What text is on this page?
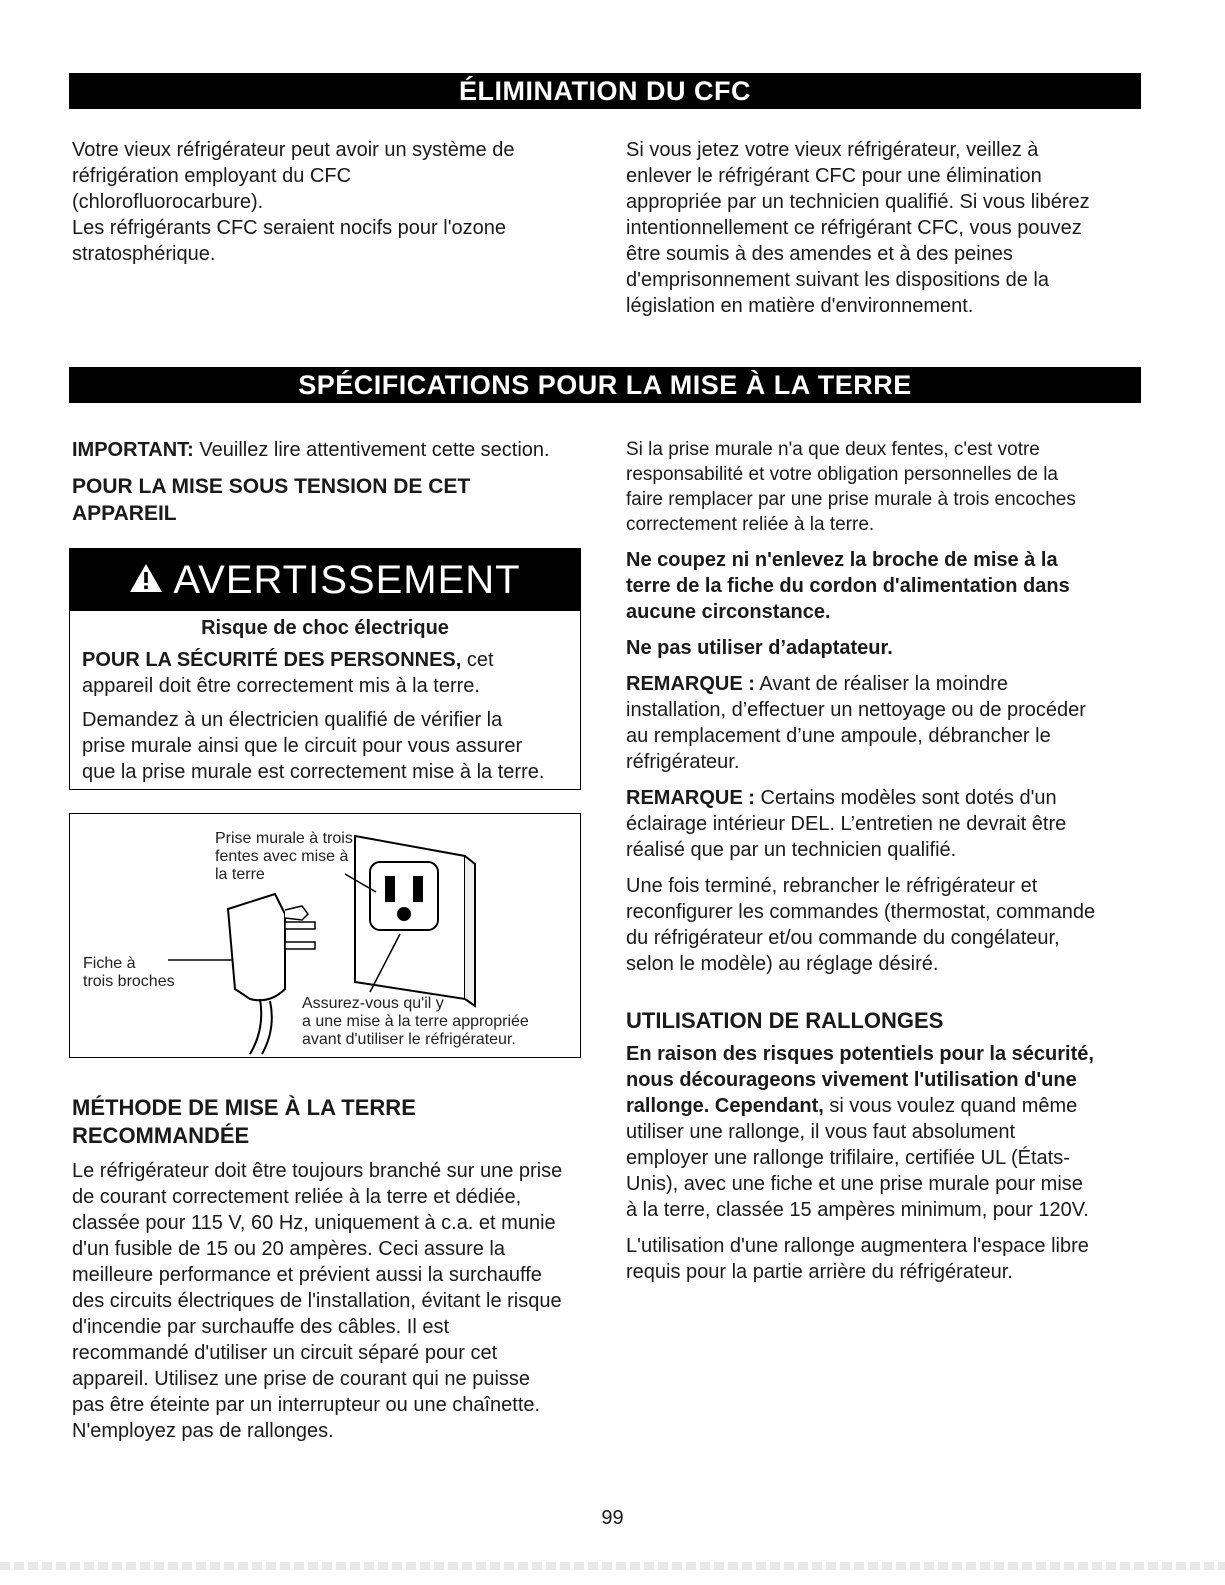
ÉLIMINATION DU CFC

Votre vieux réfrigérateur peut avoir un système de

réfrigération employant du CFC

(chlorofluorocarbure).

Les réfrigérants CFC seraient nocifs pour l'ozone

stratosphérique.

Si vous jetez votre vieux réfrigérateur, veillez à

enlever le réfrigérant CFC pour une élimination

appropriée par un technicien qualifié. Si vous libérez

intentionnellement ce réfrigérant CFC, vous pouvez

être soumis à des amendes et à des peines

d'emprisonnement suivant les dispositions de la

législation en matière d'environnement.

SPÉCIFICATIONS POUR LA MISE À LA TERRE

IMPORTANT: Veuillez lire attentivement cette section.

POUR LA MISE SOUS TENSION DE CET

APPAREIL

AVERTISSEMENT

Risque de choc électrique

POUR LA SÉCURITÉ DES PERSONNES, cet

appareil doit être correctement mis à la terre.

Demandez à un électricien qualifié de vérifier la

prise murale ainsi que le circuit pour vous assurer

que la prise murale est correctement mise à la terre.

Prise murale à trois
fentes avec mise à
la terre
Fiche à
trois broches
Assurez-vous qu'il y
a une mise à la terre appropriée
avant d'utiliser le réfrigérateur.

MÉTHODE DE MISE À LA TERRE

RECOMMANDÉE

Le réfrigérateur doit être toujours branché sur une prise

de courant correctement reliée à la terre et dédiée,

classée pour 115 V, 60 Hz, uniquement à c.a. et munie

d'un fusible de 15 ou 20 ampères. Ceci assure la

meilleure performance et prévient aussi la surchauffe

des circuits électriques de l'installation, évitant le risque

d'incendie par surchauffe des câbles. Il est

recommandé d'utiliser un circuit séparé pour cet

appareil. Utilisez une prise de courant qui ne puisse

pas être éteinte par un interrupteur ou une chaînette.

N'employez pas de rallonges.

Si la prise murale n'a que deux fentes, c'est votre

responsabilité et votre obligation personnelles de la

faire remplacer par une prise murale à trois encoches

correctement reliée à la terre.

Ne coupez ni n'enlevez la broche de mise à la

terre de la fiche du cordon d'alimentation dans

aucune circonstance.

Ne pas utiliser d’adaptateur.

REMARQUE : Avant de réaliser la moindre

installation, d’effectuer un nettoyage ou de procéder

au remplacement d’une ampoule, débrancher le

réfrigérateur.

REMARQUE : Certains modèles sont dotés d'un

éclairage intérieur DEL. L’entretien ne devrait être

réalisé que par un technicien qualifié.

Une fois terminé, rebrancher le réfrigérateur et

reconfigurer les commandes (thermostat, commande

du réfrigérateur et/ou commande du congélateur,

selon le modèle) au réglage désiré.

UTILISATION DE RALLONGES

En raison des risques potentiels pour la sécurité,

nous décourageons vivement l'utilisation d'une

rallonge. Cependant, si vous voulez quand même

utiliser une rallonge, il vous faut absolument

employer une rallonge trifilaire, certifiée UL (États-

Unis), avec une fiche et une prise murale pour mise

à la terre, classée 15 ampères minimum, pour 120V.

L'utilisation d'une rallonge augmentera l'espace libre

requis pour la partie arrière du réfrigérateur.

99
